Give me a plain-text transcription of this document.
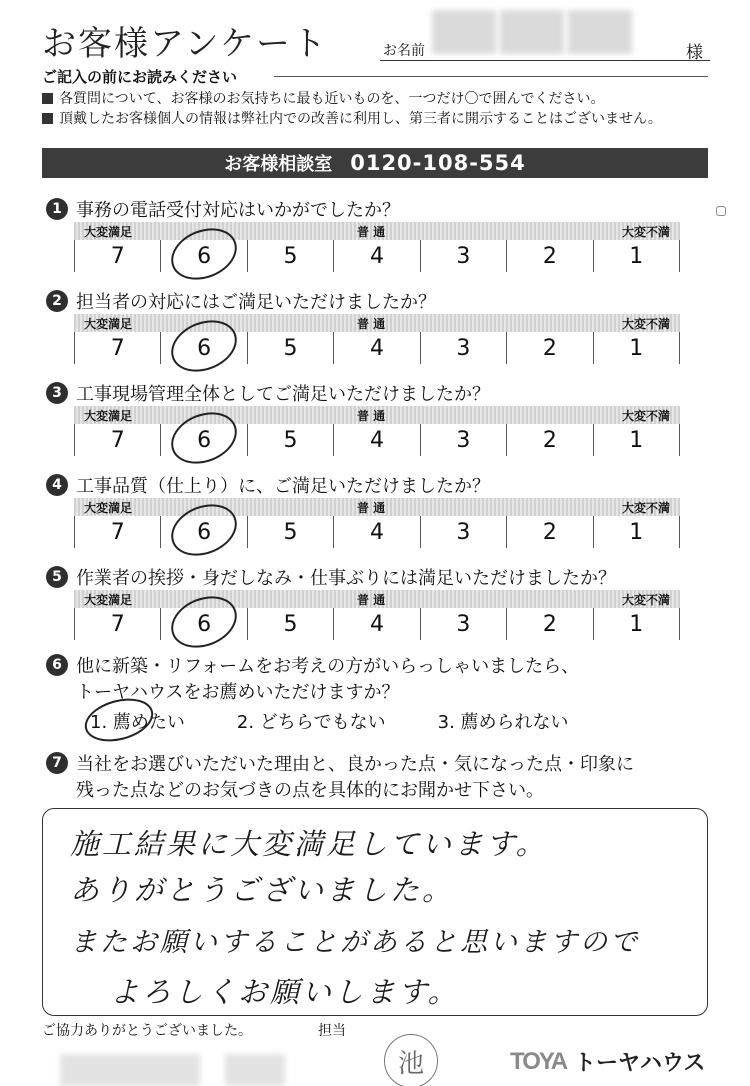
お客様アンケート	お名前	様
ご記入の前にお読みください
各質問について、お客様のお気持ちに最も近いものを、一つだけ〇で囲んでください。
頂戴したお客様個人の情報は弊社内での改善に利用し、第三者に開示することはございません。
お客様相談室 0120-108-554
1 事務の電話受付対応はいかがでしたか？
大変満足	普 通	大変不満
7	6	5	4	3	2	1
2 担当者の対応にはご満足いただけましたか？
大変満足	普 通	大変不満
7	6	5	4	3	2	1
3 工事現場管理全体としてご満足いただけましたか？
大変満足	普 通	大変不満
7	6	5	4	3	2	1
4 工事品質（仕上り）に、ご満足いただけましたか？
大変満足	普 通	大変不満
7	6	5	4	3	2	1
5 作業者の挨拶・身だしなみ・仕事ぶりには満足いただけましたか？
大変満足	普 通	大変不満
7	6	5	4	3	2	1
6 他に新築・リフォームをお考えの方がいらっしゃいましたら、
トーヤハウスをお薦めいただけますか？
1. 薦めたい	2. どちらでもない	3. 薦められない
7 当社をお選びいただいた理由と、良かった点・気になった点・印象に
残った点などのお気づきの点を具体的にお聞かせ下さい。
施工結果に大変満足しています。
ありがとうございました。
またお願いすることがあると思いますので
よろしくお願いします。
ご協力ありがとうございました。	担当
池	TOYA トーヤハウス
